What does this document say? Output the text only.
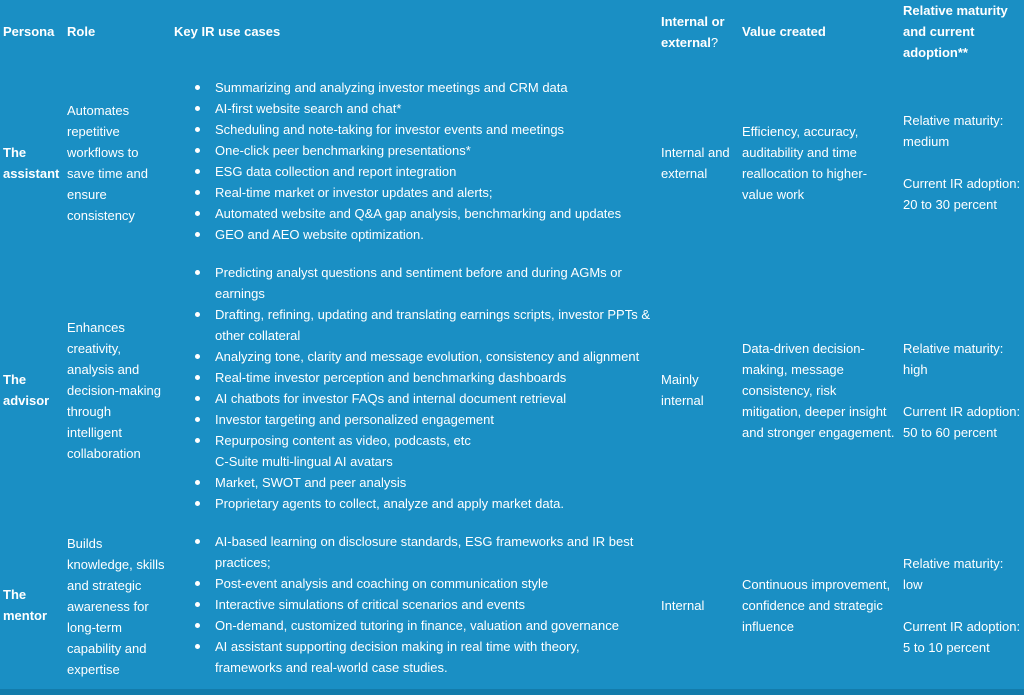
Persona Role	Key IR use cases
Internal or
external?
Value created
Relative maturity
and current
adoption**
The
assistant
Automates
repetitive
workflows to
save time and
ensure
consistency
Summarizing and analyzing investor meetings and CRM data
AI-first website search and chat*
Scheduling and note-taking for investor events and meetings
One-click peer benchmarking presentations*
ESG data collection and report integration
Real-time market or investor updates and alerts;
Automated website and Q&A gap analysis, benchmarking and updates
GEO and AEO website optimization.
Internal and
external
Efficiency, accuracy,
auditability and time
reallocation to higher-
value work
Relative maturity:
medium
Current IR adoption:
20 to 30 percent
The
advisor
Enhances
creativity,
analysis and
decision-making
through
intelligent
collaboration
Predicting analyst questions and sentiment before and during AGMs or
earnings
Drafting, refining, updating and translating earnings scripts, investor PPTs &
other collateral
Analyzing tone, clarity and message evolution, consistency and alignment
Real-time investor perception and benchmarking dashboards
AI chatbots for investor FAQs and internal document retrieval
Investor targeting and personalized engagement
Repurposing content as video, podcasts, etc
C-Suite multi-lingual AI avatars
Market, SWOT and peer analysis
Proprietary agents to collect, analyze and apply market data.
Mainly
internal
Data-driven decision-
making, message
consistency, risk
mitigation, deeper insight
and stronger engagement.
Relative maturity:
high
Current IR adoption:
50 to 60 percent
The
mentor
Builds
knowledge, skills
and strategic
awareness for
long-term
capability and
expertise
AI-based learning on disclosure standards, ESG frameworks and IR best
practices;
Post-event analysis and coaching on communication style
Interactive simulations of critical scenarios and events
On-demand, customized tutoring in finance, valuation and governance
AI assistant supporting decision making in real time with theory,
frameworks and real-world case studies.
Internal
Continuous improvement,
confidence and strategic
influence
Relative maturity:
low
Current IR adoption:
5 to 10 percent
